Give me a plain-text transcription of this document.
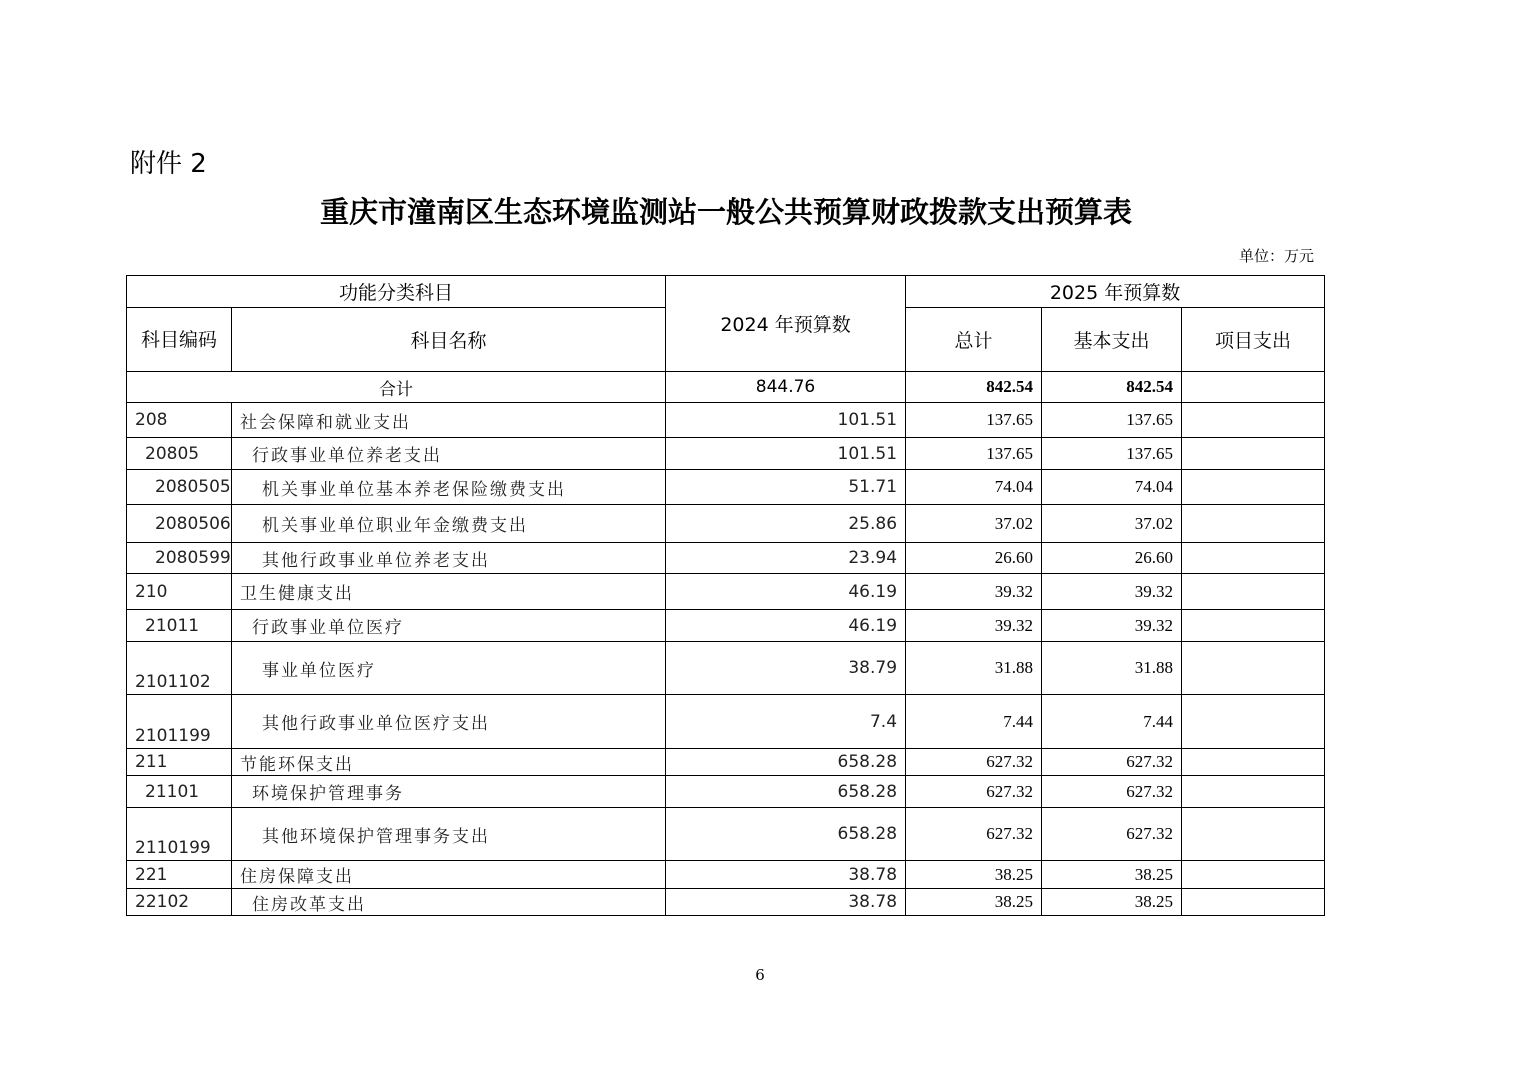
附件 2
重庆市潼南区生态环境监测站一般公共预算财政拨款支出预算表
单位：万元
功能分类科目		2024 年预算数	2025 年预算数		
科目编码	科目名称		总计	基本支出	项目支出
合计		844.76	842.54	842.54	
208	社会保障和就业支出	101.51	137.65	137.65	
20805	行政事业单位养老支出	101.51	137.65	137.65	
2080505	机关事业单位基本养老保险缴费支出	51.71	74.04	74.04	
2080506	机关事业单位职业年金缴费支出	25.86	37.02	37.02	
2080599	其他行政事业单位养老支出	23.94	26.60	26.60	
210	卫生健康支出	46.19	39.32	39.32	
21011	行政事业单位医疗	46.19	39.32	39.32	
2101102	事业单位医疗	38.79	31.88	31.88	
2101199	其他行政事业单位医疗支出	7.4	7.44	7.44	
211	节能环保支出	658.28	627.32	627.32	
21101	环境保护管理事务	658.28	627.32	627.32	
2110199	其他环境保护管理事务支出	658.28	627.32	627.32	
221	住房保障支出	38.78	38.25	38.25	
22102	住房改革支出	38.78	38.25	38.25	
6
